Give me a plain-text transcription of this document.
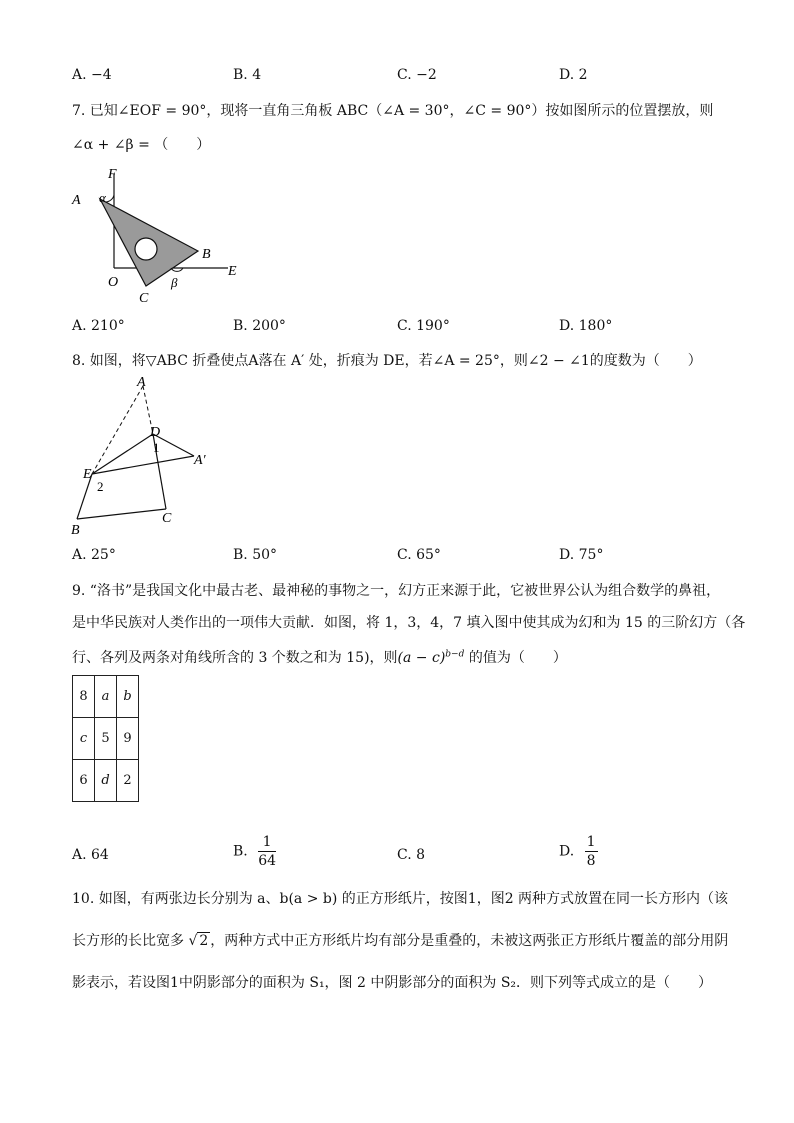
A. −4	B. 4	C. −2	D. 2
7. 已知∠EOF = 90°，现将一直角三角板 ABC（∠A = 30°，∠C = 90°）按如图所示的位置摆放，则
∠α + ∠β = （　　）
F
A α
B
E
O
C
β
A. 210°	B. 200°	C. 190°	D. 180°
8. 如图，将▽ABC 折叠使点A落在 A′ 处，折痕为 DE，若∠A = 25°，则∠2 − ∠1的度数为（　　）
A
D
1
A′
E
2
B
C
A. 25°	B. 50°	C. 65°	D. 75°
9. “洛书”是我国文化中最古老、最神秘的事物之一，幻方正来源于此，它被世界公认为组合数学的鼻祖，
是中华民族对人类作出的一项伟大贡献．如图，将 1，3，4，7 填入图中使其成为幻和为 15 的三阶幻方（各
行、各列及两条对角线所含的 3 个数之和为 15)，则$(a - c)^{b-d}$ 的值为（　　）
8	a	b
c	5	9
6	d	2
A. 64	B. $\frac{1}{64}$	C. 8	D. $\frac{1}{8}$
10. 如图，有两张边长分别为 a、b(a > b) 的正方形纸片，按图1，图2 两种方式放置在同一长方形内（该
长方形的长比宽多 √ 2 ，两种方式中正方形纸片均有部分是重叠的，未被这两张正方形纸片覆盖的部分用阴
影表示，若设图1中阴影部分的面积为 S₁，图 2 中阴影部分的面积为 S₂．则下列等式成立的是（　　）
